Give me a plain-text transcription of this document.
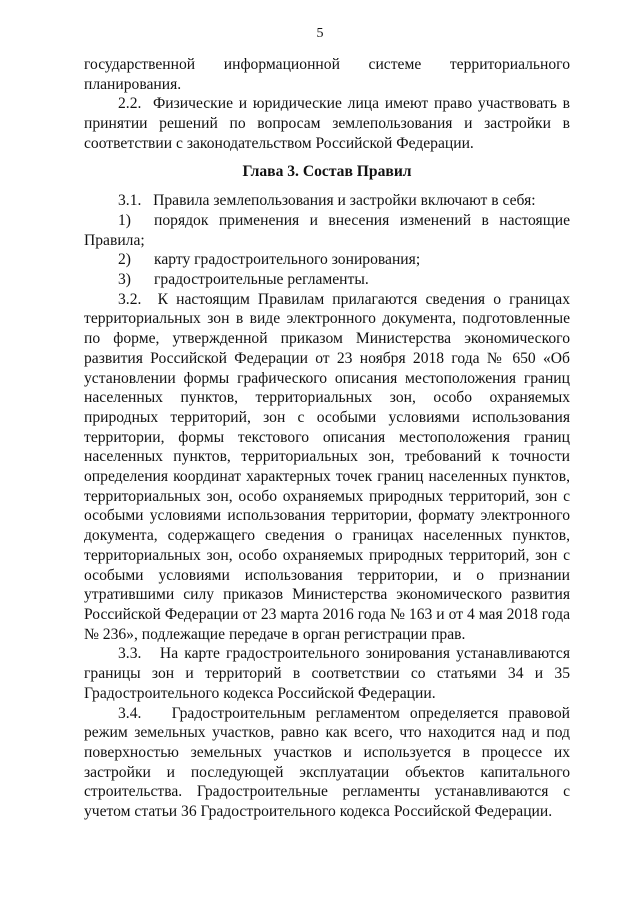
5

государственной информационной системе территориального планирования.

2.2.  Физические и юридические лица имеют право участвовать в принятии решений по вопросам землепользования и застройки в соответствии с законодательством Российской Федерации.

Глава 3. Состав Правил

3.1.   Правила землепользования и застройки включают в себя:

1)	порядок применения и внесения изменений в настоящие

Правила;

2)	карту градостроительного зонирования;
3)	градостроительные регламенты.

3.2.  К настоящим Правилам прилагаются сведения о границах территориальных зон в виде электронного документа, подготовленные по форме, утвержденной приказом Министерства экономического развития Российской Федерации от 23 ноября 2018 года № 650 «Об установлении формы графического описания местоположения границ населенных пунктов, территориальных зон, особо охраняемых природных территорий, зон с особыми условиями использования территории, формы текстового описания местоположения границ населенных пунктов, территориальных зон, требований к точности определения координат характерных точек границ населенных пунктов, территориальных зон, особо охраняемых природных территорий, зон с особыми условиями использования территории, формату электронного документа, содержащего сведения о границах населенных пунктов, территориальных зон, особо охраняемых природных территорий, зон с особыми условиями использования территории, и о признании утратившими силу приказов Министерства экономического развития Российской Федерации от 23 марта 2016 года № 163 и от 4 мая 2018 года № 236», подлежащие передаче в орган регистрации прав.

3.3.   На карте градостроительного зонирования устанавливаются границы зон и территорий в соответствии со статьями 34 и 35 Градостроительного кодекса Российской Федерации.

3.4.   Градостроительным регламентом определяется правовой режим земельных участков, равно как всего, что находится над и под поверхностью земельных участков и используется в процессе их застройки и последующей эксплуатации объектов капитального строительства. Градостроительные регламенты устанавливаются с учетом статьи 36 Градостроительного кодекса Российской Федерации.
